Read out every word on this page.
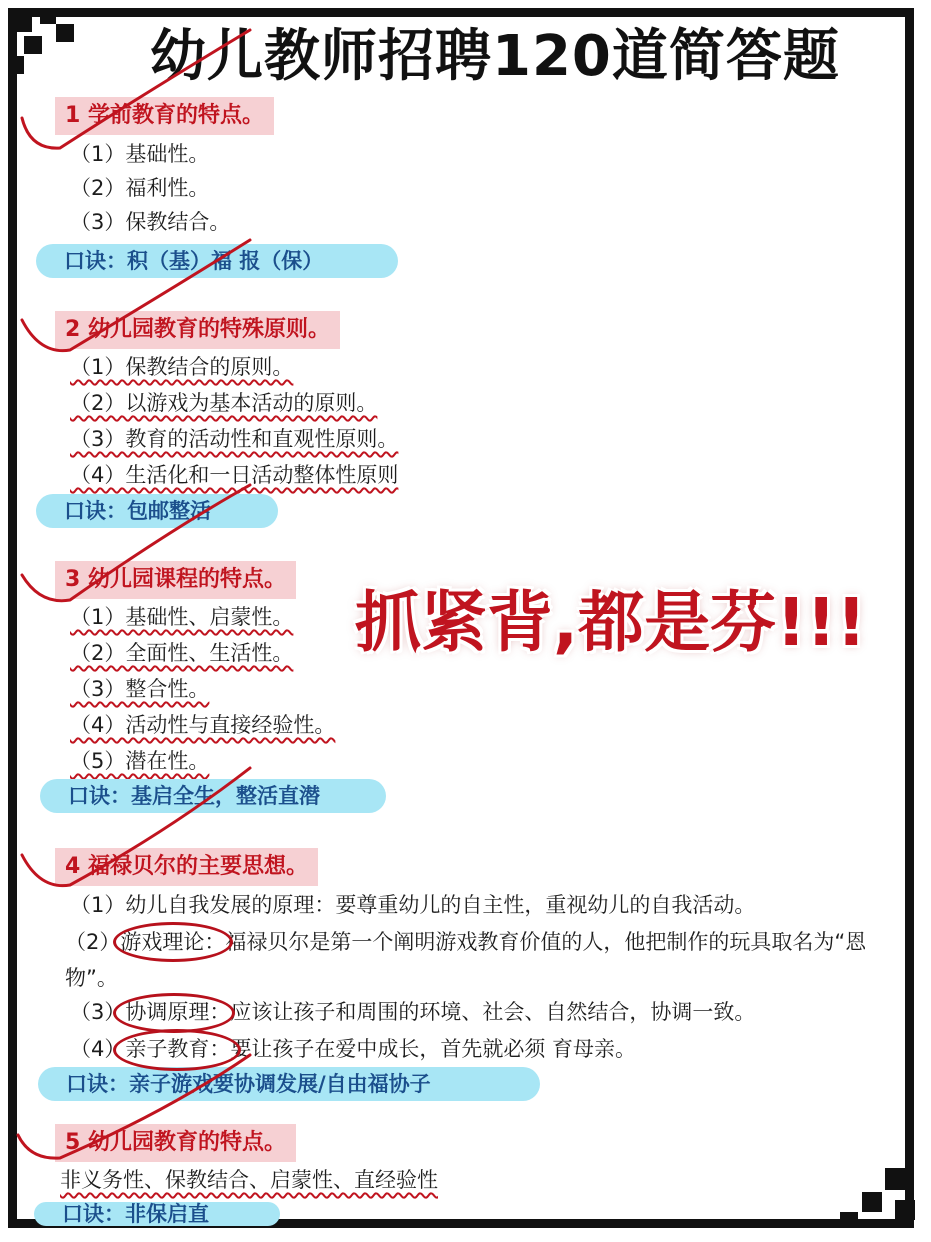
幼儿教师招聘120道简答题
1 学前教育的特点。
（1）基础性。
（2）福利性。
（3）保教结合。
口诀：积（基）福 报（保）
2 幼儿园教育的特殊原则。
（1）保教结合的原则。
（2）以游戏为基本活动的原则。
（3）教育的活动性和直观性原则。
（4）生活化和一日活动整体性原则
口诀：包邮整活
3 幼儿园课程的特点。
（1）基础性、启蒙性。
（2）全面性、生活性。
（3）整合性。
（4）活动性与直接经验性。
（5）潜在性。
口诀：基启全生，整活直潜
抓紧背,都是芬!!!
4 福禄贝尔的主要思想。
（1）幼儿自我发展的原理：要尊重幼儿的自主性，重视幼儿的自我活动。
（2）游戏理论：福禄贝尔是第一个阐明游戏教育价值的人，他把制作的玩具取名为“恩物”。
（3）协调原理：应该让孩子和周围的环境、社会、自然结合，协调一致。
（4）亲子教育：要让孩子在爱中成长，首先就必须 育母亲。
口诀：亲子游戏要协调发展/自由福协子
5 幼儿园教育的特点。
非义务性、保教结合、启蒙性、直经验性
口诀：非保启直
